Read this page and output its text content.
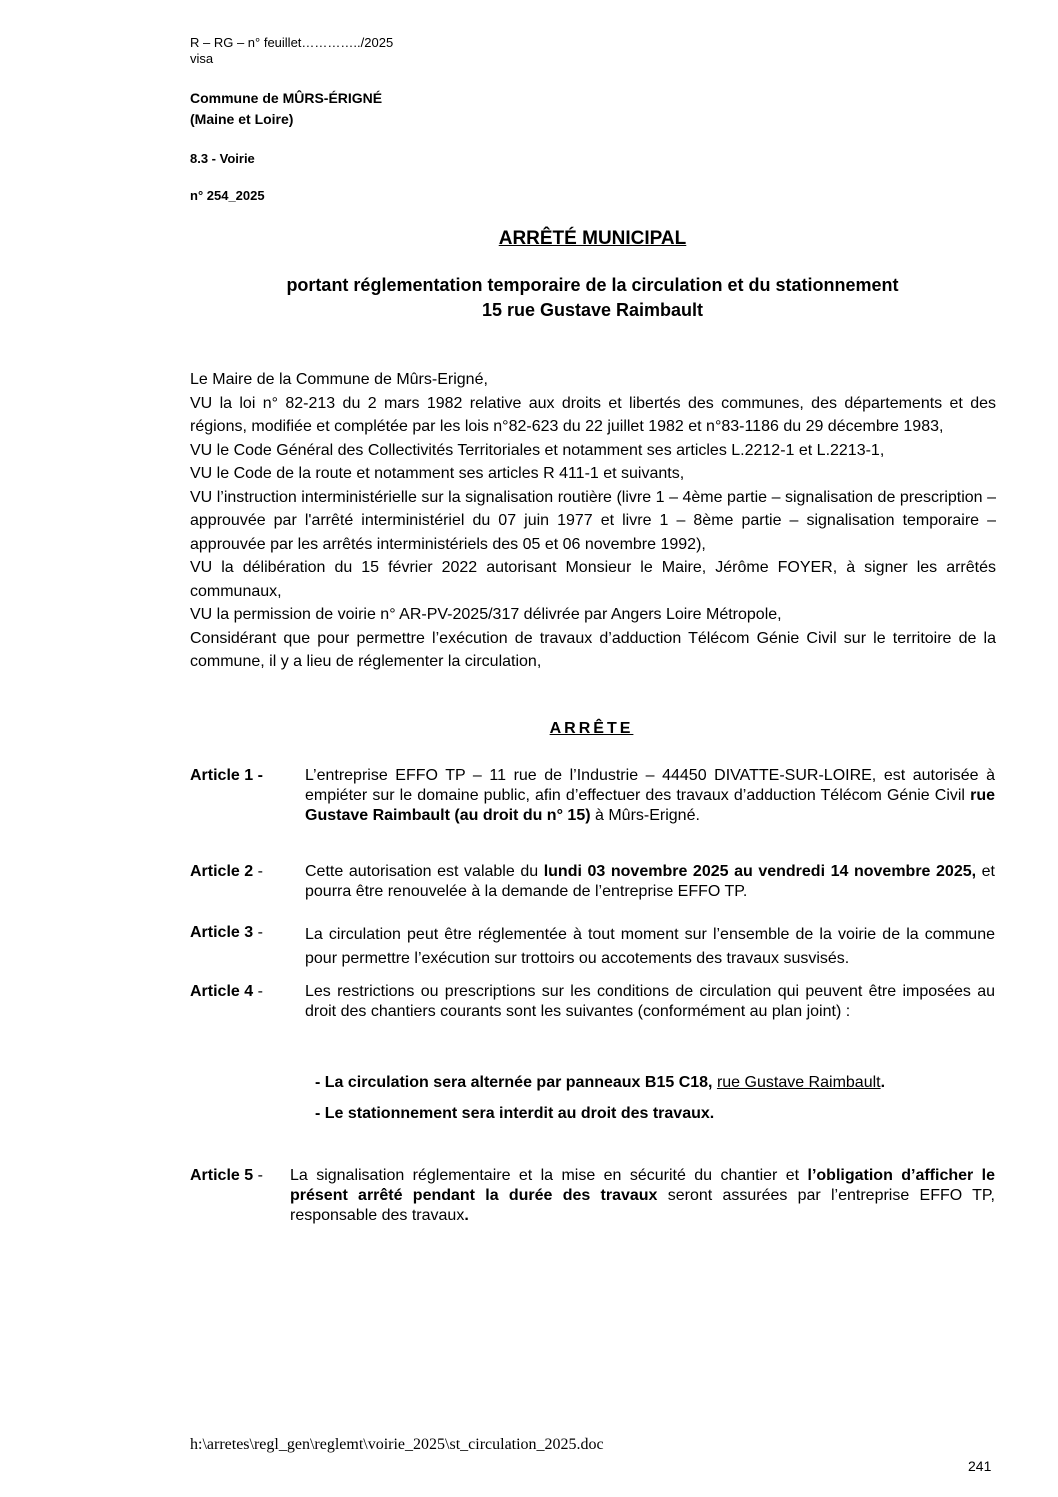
R – RG – n° feuillet…………../2025
visa
Commune de MÛRS-ÉRIGNÉ
(Maine et Loire)
8.3 - Voirie
n° 254_2025
ARRÊTÉ MUNICIPAL
portant réglementation temporaire de la circulation et du stationnement
15 rue Gustave Raimbault

Le Maire de la Commune de Mûrs-Erigné,

VU la loi n° 82-213 du 2 mars 1982 relative aux droits et libertés des communes, des départements et des régions, modifiée et complétée par les lois n°82-623 du 22 juillet 1982 et n°83-1186 du 29 décembre 1983,

VU le Code Général des Collectivités Territoriales et notamment ses articles L.2212-1 et L.2213-1,

VU le Code de la route et notamment ses articles R 411-1 et suivants,

VU l’instruction interministérielle sur la signalisation routière (livre 1 – 4ème partie – signalisation de prescription – approuvée par l'arrêté interministériel du 07 juin 1977 et livre 1 – 8ème partie – signalisation temporaire – approuvée par les arrêtés interministériels des 05 et 06 novembre 1992),

VU la délibération du 15 février 2022 autorisant Monsieur le Maire, Jérôme FOYER, à signer les arrêtés communaux,

VU la permission de voirie n° AR-PV-2025/317 délivrée par Angers Loire Métropole,

Considérant que pour permettre l’exécution de travaux d’adduction Télécom Génie Civil sur le territoire de la commune, il y a lieu de réglementer la circulation,

ARRÊTE
Article 1 -	L’entreprise EFFO TP – 11 rue de l’Industrie – 44450 DIVATTE-SUR-LOIRE, est autorisée à empiéter sur le domaine public, afin d’effectuer des travaux d’adduction Télécom Génie Civil rue Gustave Raimbault (au droit du n° 15) à Mûrs-Erigné.
Article 2 -	Cette autorisation est valable du lundi 03 novembre 2025 au vendredi 14 novembre 2025, et pourra être renouvelée à la demande de l’entreprise EFFO TP.
Article 3 -	La circulation peut être réglementée à tout moment sur l’ensemble de la voirie de la commune pour permettre l’exécution sur trottoirs ou accotements des travaux susvisés.
Article 4 -	Les restrictions ou prescriptions sur les conditions de circulation qui peuvent être imposées au droit des chantiers courants sont les suivantes (conformément au plan joint) :
- La circulation sera alternée par panneaux B15 C18, rue Gustave Raimbault.
- Le stationnement sera interdit au droit des travaux.
Article 5 - La signalisation réglementaire et la mise en sécurité du chantier et l’obligation d’afficher le présent arrêté pendant la durée des travaux seront assurées par l’entreprise EFFO TP, responsable des travaux.
h:\arretes\regl_gen\reglemt\voirie_2025\st_circulation_2025.doc
241
